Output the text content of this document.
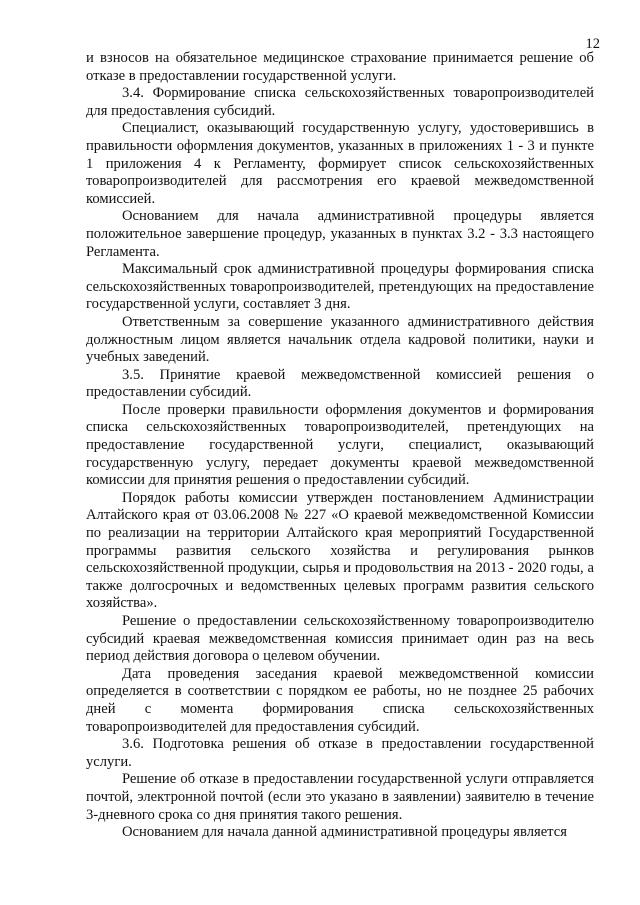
12

и взносов на обязательное медицинское страхование принимается решение об отказе в предоставлении государственной услуги.

3.4. Формирование списка сельскохозяйственных товаропроизводителей для предоставления субсидий.

Специалист, оказывающий государственную услугу, удостоверившись в правильности оформления документов, указанных в приложениях 1 - 3 и пункте 1 приложения 4 к Регламенту, формирует список сельскохозяйственных товаропроизводителей для рассмотрения его краевой межведомственной комиссией.

Основанием для начала административной процедуры является положительное завершение процедур, указанных в пунктах 3.2 - 3.3 настоящего Регламента.

Максимальный срок административной процедуры формирования списка сельскохозяйственных товаропроизводителей, претендующих на предоставление государственной услуги, составляет 3 дня.

Ответственным за совершение указанного административного действия должностным лицом является начальник отдела кадровой политики, науки и учебных заведений.

3.5. Принятие краевой межведомственной комиссией решения о предоставлении субсидий.

После проверки правильности оформления документов и формирования списка сельскохозяйственных товаропроизводителей, претендующих на предоставление государственной услуги, специалист, оказывающий государственную услугу, передает документы краевой межведомственной комиссии для принятия решения о предоставлении субсидий.

Порядок работы комиссии утвержден постановлением Администрации Алтайского края от 03.06.2008 № 227 «О краевой межведомственной Комиссии по реализации на территории Алтайского края мероприятий Государственной программы развития сельского хозяйства и регулирования рынков сельскохозяйственной продукции, сырья и продовольствия на 2013 - 2020 годы, а также долгосрочных и ведомственных целевых программ развития сельского хозяйства».

Решение о предоставлении сельскохозяйственному товаропроизводителю субсидий краевая межведомственная комиссия принимает один раз на весь период действия договора о целевом обучении.

Дата проведения заседания краевой межведомственной комиссии определяется в соответствии с порядком ее работы, но не позднее 25 рабочих дней с момента формирования списка сельскохозяйственных товаропроизводителей для предоставления субсидий.

3.6. Подготовка решения об отказе в предоставлении государственной услуги.

Решение об отказе в предоставлении государственной услуги отправляется почтой, электронной почтой (если это указано в заявлении) заявителю в течение 3-дневного срока со дня принятия такого решения.

Основанием для начала данной административной процедуры является
